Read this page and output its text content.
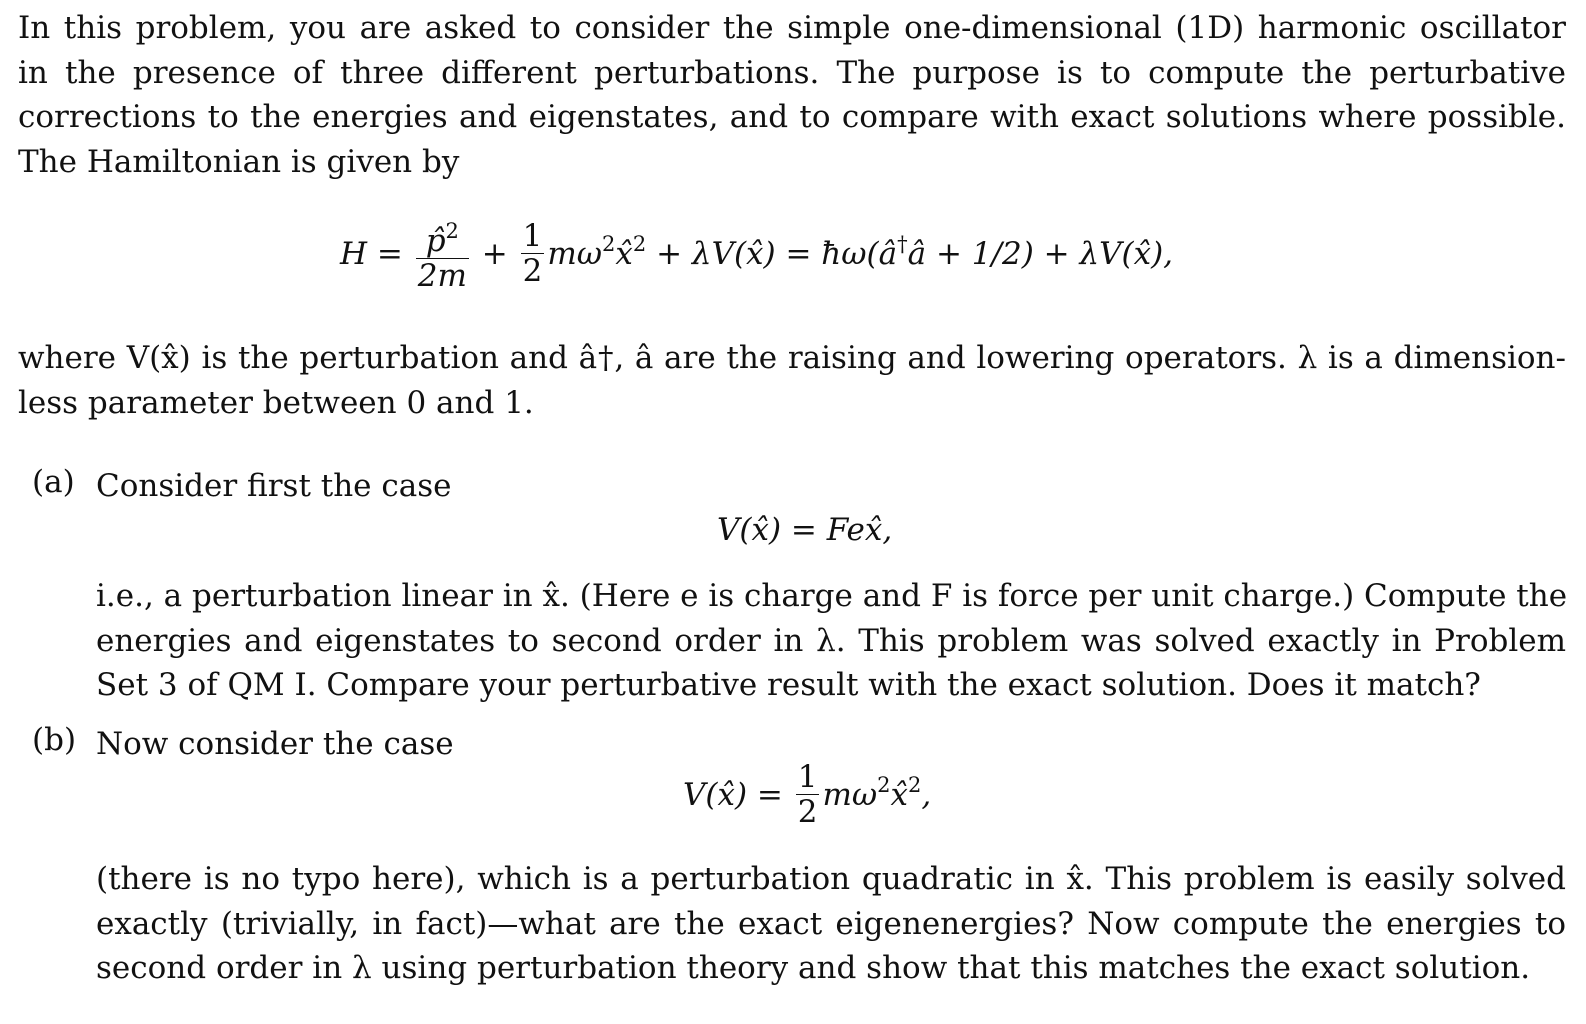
In this problem, you are asked to consider the simple one-dimensional (1D) harmonic oscillator
in the presence of three different perturbations. The purpose is to compute the perturbative
corrections to the energies and eigenstates, and to compare with exact solutions where possible.
The Hamiltonian is given by
$H = \frac{p̂^2}{2m} + \frac{1}{2}$ $m\omega^2x̂^2$ + λV(x̂) = ħω(â†â + 1/2) + λV(x̂),
where V(x̂) is the perturbation and â†, â are the raising and lowering operators. λ is a dimension-
less parameter between 0 and 1.
(a) Consider first the case
V(x̂) = Fex̂,
i.e., a perturbation linear in x̂. (Here e is charge and F is force per unit charge.) Compute the
energies and eigenstates to second order in λ. This problem was solved exactly in Problem
Set 3 of QM I. Compare your perturbative result with the exact solution. Does it match?
(b) Now consider the case
V(x̂) = $\frac{1}{2}$ $m\omega^2x̂^2$,
(there is no typo here), which is a perturbation quadratic in x̂. This problem is easily solved
exactly (trivially, in fact)—what are the exact eigenenergies? Now compute the energies to
second order in λ using perturbation theory and show that this matches the exact solution.
